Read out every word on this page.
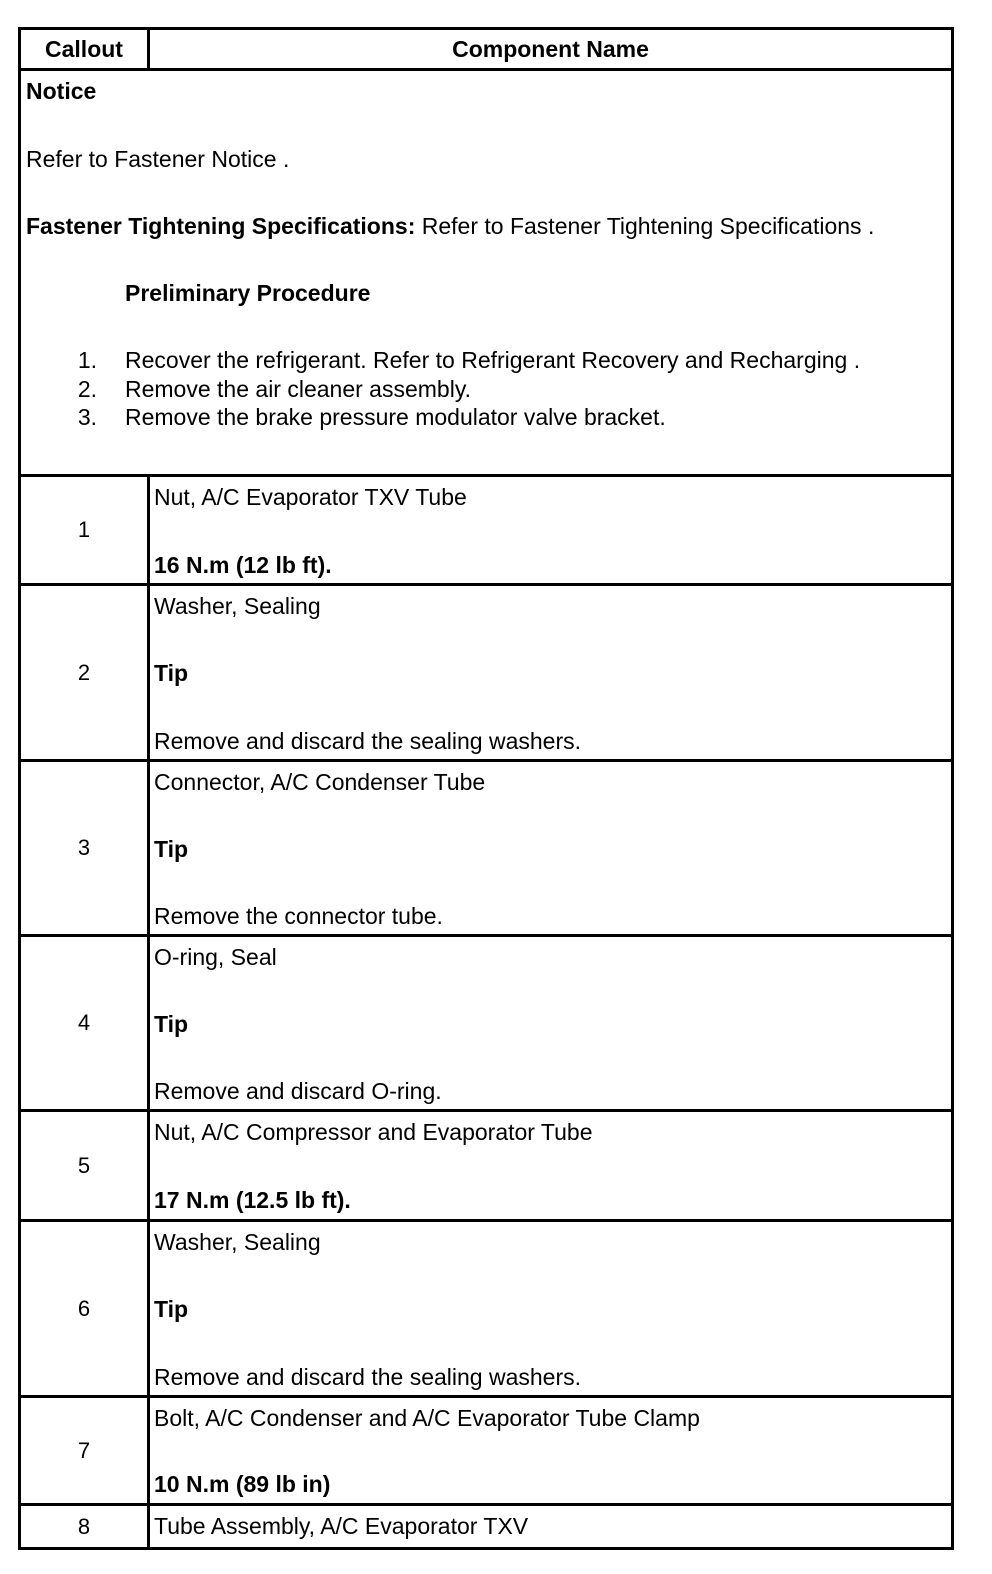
Callout	Component Name
Notice
Refer to Fastener Notice .
Fastener Tightening Specifications: Refer to Fastener Tightening Specifications .
Preliminary Procedure
1. Recover the refrigerant. Refer to Refrigerant Recovery and Recharging .
2. Remove the air cleaner assembly.
3. Remove the brake pressure modulator valve bracket.
1
Nut, A/C Evaporator TXV Tube
16 N.m (12 lb ft).
2
Washer, Sealing
Tip
Remove and discard the sealing washers.
3
Connector, A/C Condenser Tube
Tip
Remove the connector tube.
4
O-ring, Seal
Tip
Remove and discard O-ring.
5
Nut, A/C Compressor and Evaporator Tube
17 N.m (12.5 lb ft).
6
Washer, Sealing
Tip
Remove and discard the sealing washers.
7
Bolt, A/C Condenser and A/C Evaporator Tube Clamp
10 N.m (89 lb in)
8	Tube Assembly, A/C Evaporator TXV
